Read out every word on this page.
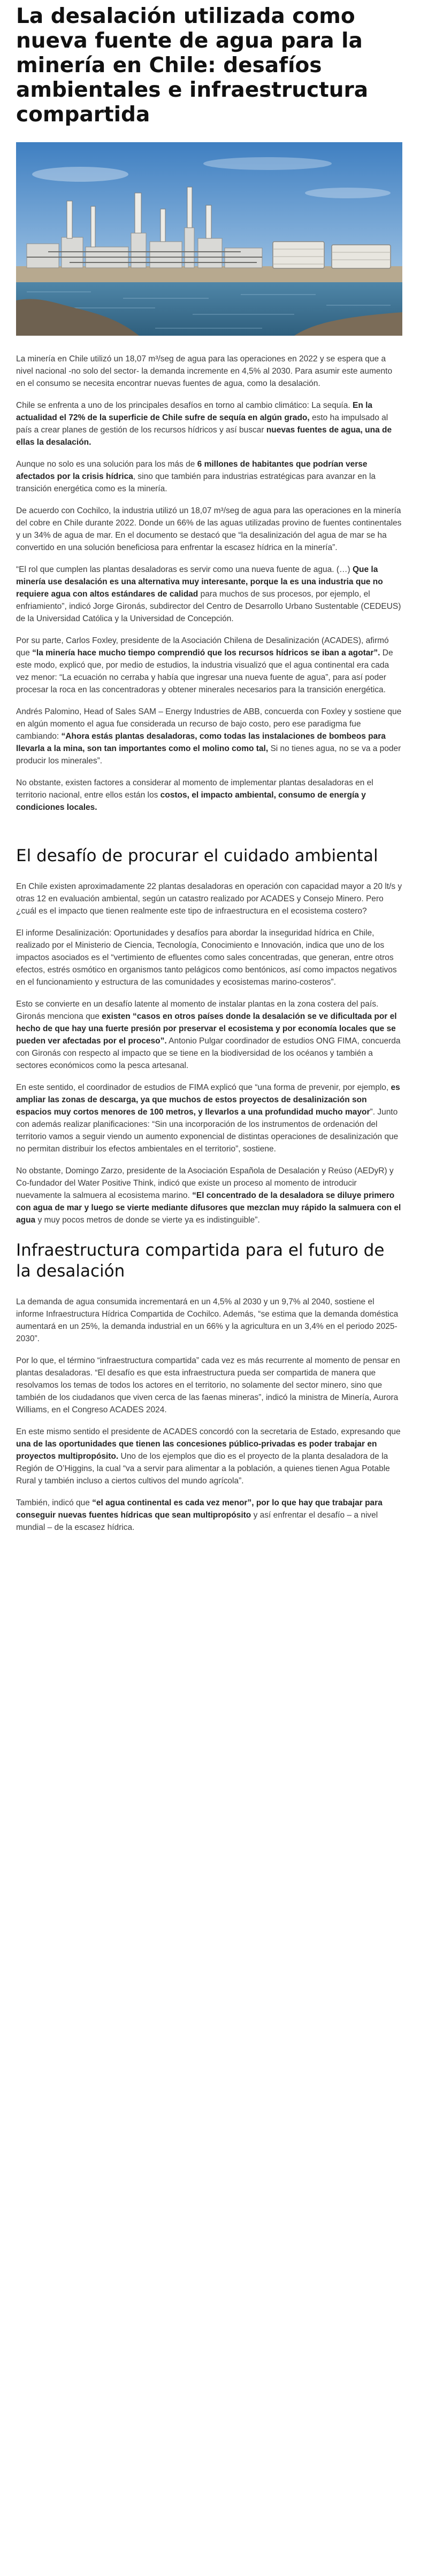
La desalación utilizada como nueva fuente de agua para la minería en Chile: desafíos ambientales e infraestructura compartida

La minería en Chile utilizó un 18,07 m³/seg de agua para las operaciones en 2022 y se espera que a nivel nacional -no solo del sector- la demanda incremente en 4,5% al 2030. Para asumir este aumento en el consumo se necesita encontrar nuevas fuentes de agua, como la desalación.

Chile se enfrenta a uno de los principales desafíos en torno al cambio climático: La sequía. En la actualidad el 72% de la superficie de Chile sufre de sequía en algún grado, esto ha impulsado al país a crear planes de gestión de los recursos hídricos y así buscar nuevas fuentes de agua, una de ellas la desalación.

Aunque no solo es una solución para los más de 6 millones de habitantes que podrían verse afectados por la crisis hídrica, sino que también para industrias estratégicas para avanzar en la transición energética como es la minería.

De acuerdo con Cochilco, la industria utilizó un 18,07 m³/seg de agua para las operaciones en la minería del cobre en Chile durante 2022. Donde un 66% de las aguas utilizadas provino de fuentes continentales y un 34% de agua de mar. En el documento se destacó que “la desalinización del agua de mar se ha convertido en una solución beneficiosa para enfrentar la escasez hídrica en la minería”.

“El rol que cumplen las plantas desaladoras es servir como una nueva fuente de agua. (…) Que la minería use desalación es una alternativa muy interesante, porque la es una industria que no requiere agua con altos estándares de calidad para muchos de sus procesos, por ejemplo, el enfriamiento”, indicó Jorge Gironás, subdirector del Centro de Desarrollo Urbano Sustentable (CEDEUS) de la Universidad Católica y la Universidad de Concepción.

Por su parte, Carlos Foxley, presidente de la Asociación Chilena de Desalinización (ACADES), afirmó que “la minería hace mucho tiempo comprendió que los recursos hídricos se iban a agotar”. De este modo, explicó que, por medio de estudios, la industria visualizó que el agua continental era cada vez menor: “La ecuación no cerraba y había que ingresar una nueva fuente de agua”, para así poder procesar la roca en las concentradoras y obtener minerales necesarios para la transición energética.

Andrés Palomino, Head of Sales SAM – Energy Industries de ABB, concuerda con Foxley y sostiene que en algún momento el agua fue considerada un recurso de bajo costo, pero ese paradigma fue cambiando: “Ahora estás plantas desaladoras, como todas las instalaciones de bombeos para llevarla a la mina, son tan importantes como el molino como tal, Si no tienes agua, no se va a poder producir los minerales”.

No obstante, existen factores a considerar al momento de implementar plantas desaladoras en el territorio nacional, entre ellos están los costos, el impacto ambiental, consumo de energía y condiciones locales.

El desafío de procurar el cuidado ambiental

En Chile existen aproximadamente 22 plantas desaladoras en operación con capacidad mayor a 20 lt/s y otras 12 en evaluación ambiental, según un catastro realizado por ACADES y Consejo Minero. Pero ¿cuál es el impacto que tienen realmente este tipo de infraestructura en el ecosistema costero?

El informe Desalinización: Oportunidades y desafíos para abordar la inseguridad hídrica en Chile, realizado por el Ministerio de Ciencia, Tecnología, Conocimiento e Innovación, indica que uno de los impactos asociados es el “vertimiento de efluentes como sales concentradas, que generan, entre otros efectos, estrés osmótico en organismos tanto pelágicos como bentónicos, así como impactos negativos en el funcionamiento y estructura de las comunidades y ecosistemas marino-costeros”.

Esto se convierte en un desafío latente al momento de instalar plantas en la zona costera del país. Gironás menciona que existen “casos en otros países donde la desalación se ve dificultada por el hecho de que hay una fuerte presión por preservar el ecosistema y por economía locales que se pueden ver afectadas por el proceso”. Antonio Pulgar coordinador de estudios ONG FIMA, concuerda con Gironás con respecto al impacto que se tiene en la biodiversidad de los océanos y también a sectores económicos como la pesca artesanal.

En este sentido, el coordinador de estudios de FIMA explicó que “una forma de prevenir, por ejemplo, es ampliar las zonas de descarga, ya que muchos de estos proyectos de desalinización son espacios muy cortos menores de 100 metros, y llevarlos a una profundidad mucho mayor”. Junto con además realizar planificaciones: “Sin una incorporación de los instrumentos de ordenación del territorio vamos a seguir viendo un aumento exponencial de distintas operaciones de desalinización que no permitan distribuir los efectos ambientales en el territorio”, sostiene.

No obstante, Domingo Zarzo, presidente de la Asociación Española de Desalación y Reúso (AEDyR) y Co-fundador del Water Positive Think, indicó que existe un proceso al momento de introducir nuevamente la salmuera al ecosistema marino. “El concentrado de la desaladora se diluye primero con agua de mar y luego se vierte mediante difusores que mezclan muy rápido la salmuera con el agua y muy pocos metros de donde se vierte ya es indistinguible”.

Infraestructura compartida para el futuro de la desalación

La demanda de agua consumida incrementará en un 4,5% al 2030 y un 9,7% al 2040, sostiene el informe Infraestructura Hídrica Compartida de Cochilco. Además, “se estima que la demanda doméstica aumentará en un 25%, la demanda industrial en un 66% y la agricultura en un 3,4% en el periodo 2025-2030”.

Por lo que, el término “infraestructura compartida” cada vez es más recurrente al momento de pensar en plantas desaladoras. “El desafío es que esta infraestructura pueda ser compartida de manera que resolvamos los temas de todos los actores en el territorio, no solamente del sector minero, sino que también de los ciudadanos que viven cerca de las faenas mineras”, indicó la ministra de Minería, Aurora Williams, en el Congreso ACADES 2024.

En este mismo sentido el presidente de ACADES concordó con la secretaria de Estado, expresando que una de las oportunidades que tienen las concesiones público-privadas es poder trabajar en proyectos multipropósito. Uno de los ejemplos que dio es el proyecto de la planta desaladora de la Región de O’Higgins, la cual “va a servir para alimentar a la población, a quienes tienen Agua Potable Rural y también incluso a ciertos cultivos del mundo agrícola”.

También, indicó que “el agua continental es cada vez menor”, por lo que hay que trabajar para conseguir nuevas fuentes hídricas que sean multipropósito y así enfrentar el desafío – a nivel mundial – de la escasez hídrica.
